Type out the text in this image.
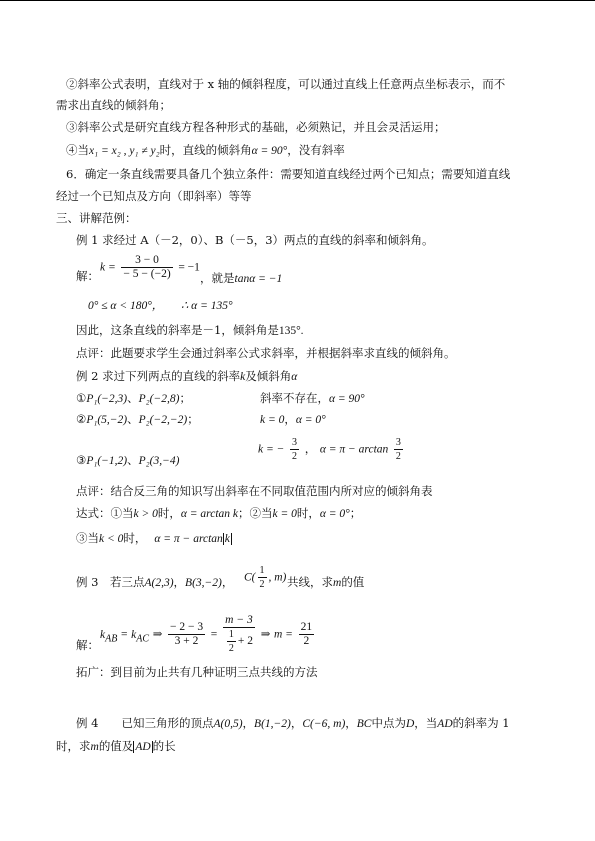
②斜率公式表明，直线对于 x 轴的倾斜程度，可以通过直线上任意两点坐标表示，而不
需求出直线的倾斜角；
③斜率公式是研究直线方程各种形式的基础，必须熟记，并且会灵活运用；
④当x₁ = x₂ , y₁ ≠ y₂时，直线的倾斜角α = 90°，没有斜率
6．确定一条直线需要具备几个独立条件：需要知道直线经过两个已知点；需要知道直线
经过一个已知点及方向（即斜率）等等
三、讲解范例：
例 1 求经过 A（－2，0）、B（－5，3）两点的直线的斜率和倾斜角。
解：
$k = \frac{3 - 0}{- 5 - (-2)} = -1$
，就是tanα = −1
0° ≤ α < 180°， ∴ α = 135°
因此，这条直线的斜率是－1，倾斜角是135°.
点评：此题要求学生会通过斜率公式求斜率，并根据斜率求直线的倾斜角。
例 2 求过下列两点的直线的斜率k及倾斜角α
①P₁(−2,3)、P₂(−2,8)；	斜率不存在，α = 90°
②P₁(5,−2)、P₂(−2,−2)；	k = 0，α = 0°
③P₁(−1,2)、P₂(3,−4)
k = − $\frac{3}{2}$ ， $\alpha = \pi - \arctan \frac{3}{2}$
点评：结合反三角的知识写出斜率在不同取值范围内所对应的倾斜角表
达式：①当k > 0时，α = arctan k；②当k = 0时，α = 0°；
③当k < 0时， α = π − arctan k
例 3　若三点A(2,3)，B(3,−2)， $C( \frac{1}{2}$ , m) 共线，求m的值
$k_{AB} = k_{AC}$ ⇒ $\frac{- 2 - 3}{3 + 2} = \frac{m - 3}{\frac{1}{2} + 2}$ ⇒ $m = \frac{21}{2}$
解：
拓广：到目前为止共有几种证明三点共线的方法
例 4　　已知三角形的顶点A(0,5)，B(1,−2)，C(−6, m)，BC中点为D，当AD的斜率为 1
时，求m的值及 AD 的长
